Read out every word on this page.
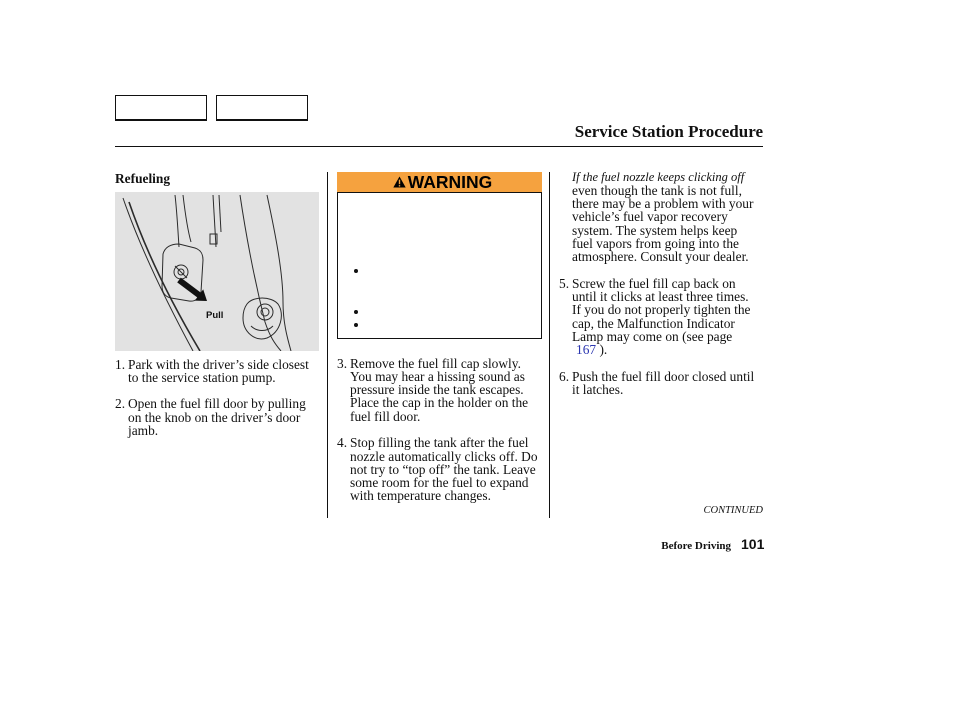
Service Station Procedure
Refueling
Pull
1. Park with the driver’s side closest
to the service station pump.
2. Open the fuel fill door by pulling
on the knob on the driver’s door
jamb.
WARNING
3. Remove the fuel fill cap slowly.
You may hear a hissing sound as
pressure inside the tank escapes.
Place the cap in the holder on the
fuel fill door.
4. Stop filling the tank after the fuel
nozzle automatically clicks off. Do
not try to “top off” the tank. Leave
some room for the fuel to expand
with temperature changes.
If the fuel nozzle keeps clicking off
even though the tank is not full,
there may be a problem with your
vehicle’s fuel vapor recovery
system. The system helps keep
fuel vapors from going into the
atmosphere. Consult your dealer.
5. Screw the fuel fill cap back on
until it clicks at least three times.
If you do not properly tighten the
cap, the Malfunction Indicator
Lamp may come on (see page
167 ).
6. Push the fuel fill door closed until
it latches.
CONTINUED
Before Driving 101
